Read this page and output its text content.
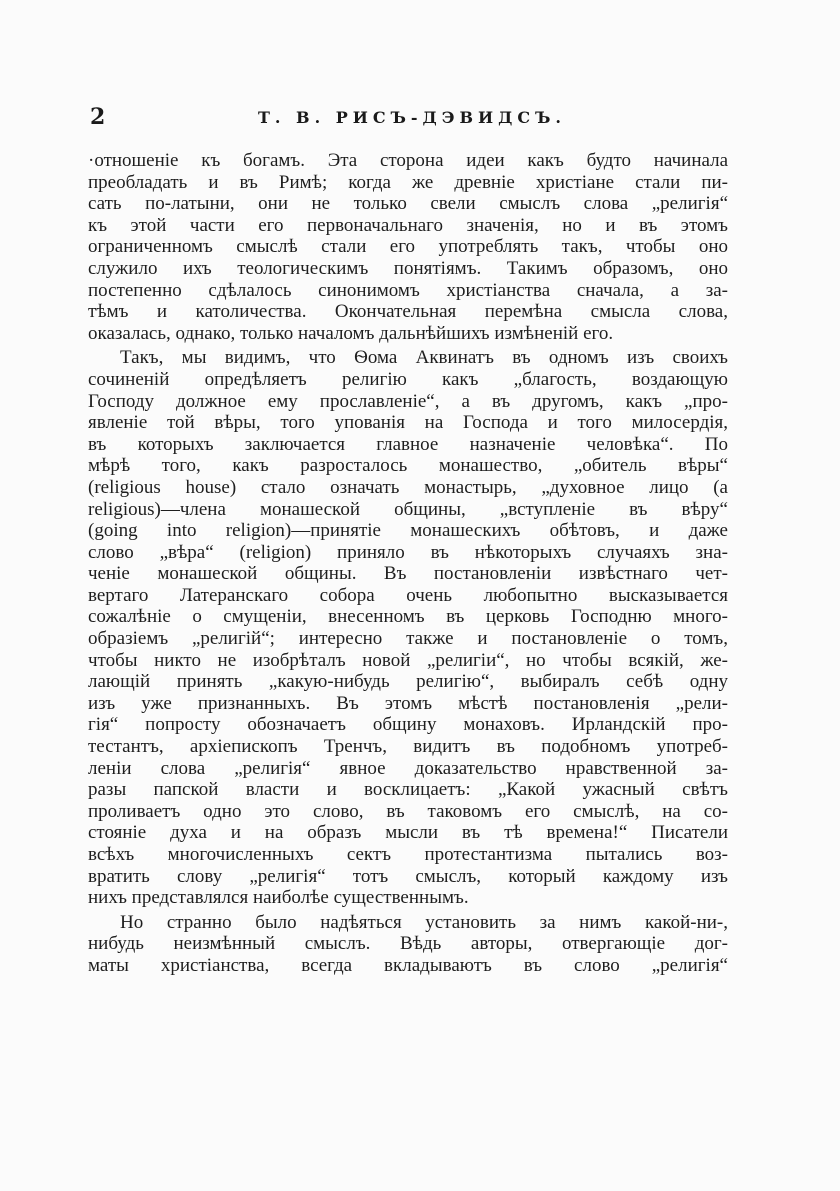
2	Т. В. РИСЪ-ДЭВИДСЪ.
·отношеніе къ богамъ. Эта сторона идеи какъ будто начинала
преобладать и въ Римѣ; когда же древніе христіане стали пи-
сать по-латыни, они не только свели смыслъ слова „религія“
къ этой части его первоначальнаго значенія, но и въ этомъ
ограниченномъ смыслѣ стали его употреблять такъ, чтобы оно
служило ихъ теологическимъ понятіямъ. Такимъ образомъ, оно
постепенно сдѣлалось синонимомъ христіанства сначала, а за-
тѣмъ и католичества. Окончательная перемѣна смысла слова,
оказалась, однако, только началомъ дальнѣйшихъ измѣненій его.
Такъ, мы видимъ, что Ѳома Аквинатъ въ одномъ изъ своихъ
сочиненій опредѣляетъ религію какъ „благость, воздающую
Господу должное ему прославленіе“, а въ другомъ, какъ „про-
явленіе той вѣры, того упованія на Господа и того милосердія,
въ которыхъ заключается главное назначеніе человѣка“. По
мѣрѣ того, какъ разросталось монашество, „обитель вѣры“
(religious house) стало означать монастырь, „духовное лицо (a
religious)—члена монашеской общины, „вступленіе въ вѣру“
(going into religion)—принятіе монашескихъ обѣтовъ, и даже
слово „вѣра“ (religion) приняло въ нѣкоторыхъ случаяхъ зна-
ченіе монашеской общины. Въ постановленіи извѣстнаго чет-
вертаго Латеранскаго собора очень любопытно высказывается
сожалѣніе о смущеніи, внесенномъ въ церковь Господню много-
образіемъ „религій“; интересно также и постановленіе о томъ,
чтобы никто не изобрѣталъ новой „религіи“, но чтобы всякій, же-
лающій принять „какую-нибудь религію“, выбиралъ себѣ одну
изъ уже признанныхъ. Въ этомъ мѣстѣ постановленія „рели-
гія“ попросту обозначаетъ общину монаховъ. Ирландскій про-
тестантъ, архіепископъ Тренчъ, видитъ въ подобномъ употреб-
леніи слова „религія“ явное доказательство нравственной за-
разы папской власти и восклицаетъ: „Какой ужасный свѣтъ
проливаетъ одно это слово, въ таковомъ его смыслѣ, на со-
стояніе духа и на образъ мысли въ тѣ времена!“ Писатели
всѣхъ многочисленныхъ сектъ протестантизма пытались воз-
вратить слову „религія“ тотъ смыслъ, который каждому изъ
нихъ представлялся наиболѣе существеннымъ.
Но странно было надѣяться установить за нимъ какой-ни-,
нибудь неизмѣнный смыслъ. Вѣдь авторы, отвергающіе дог-
маты христіанства, всегда вкладываютъ въ слово „религія“
